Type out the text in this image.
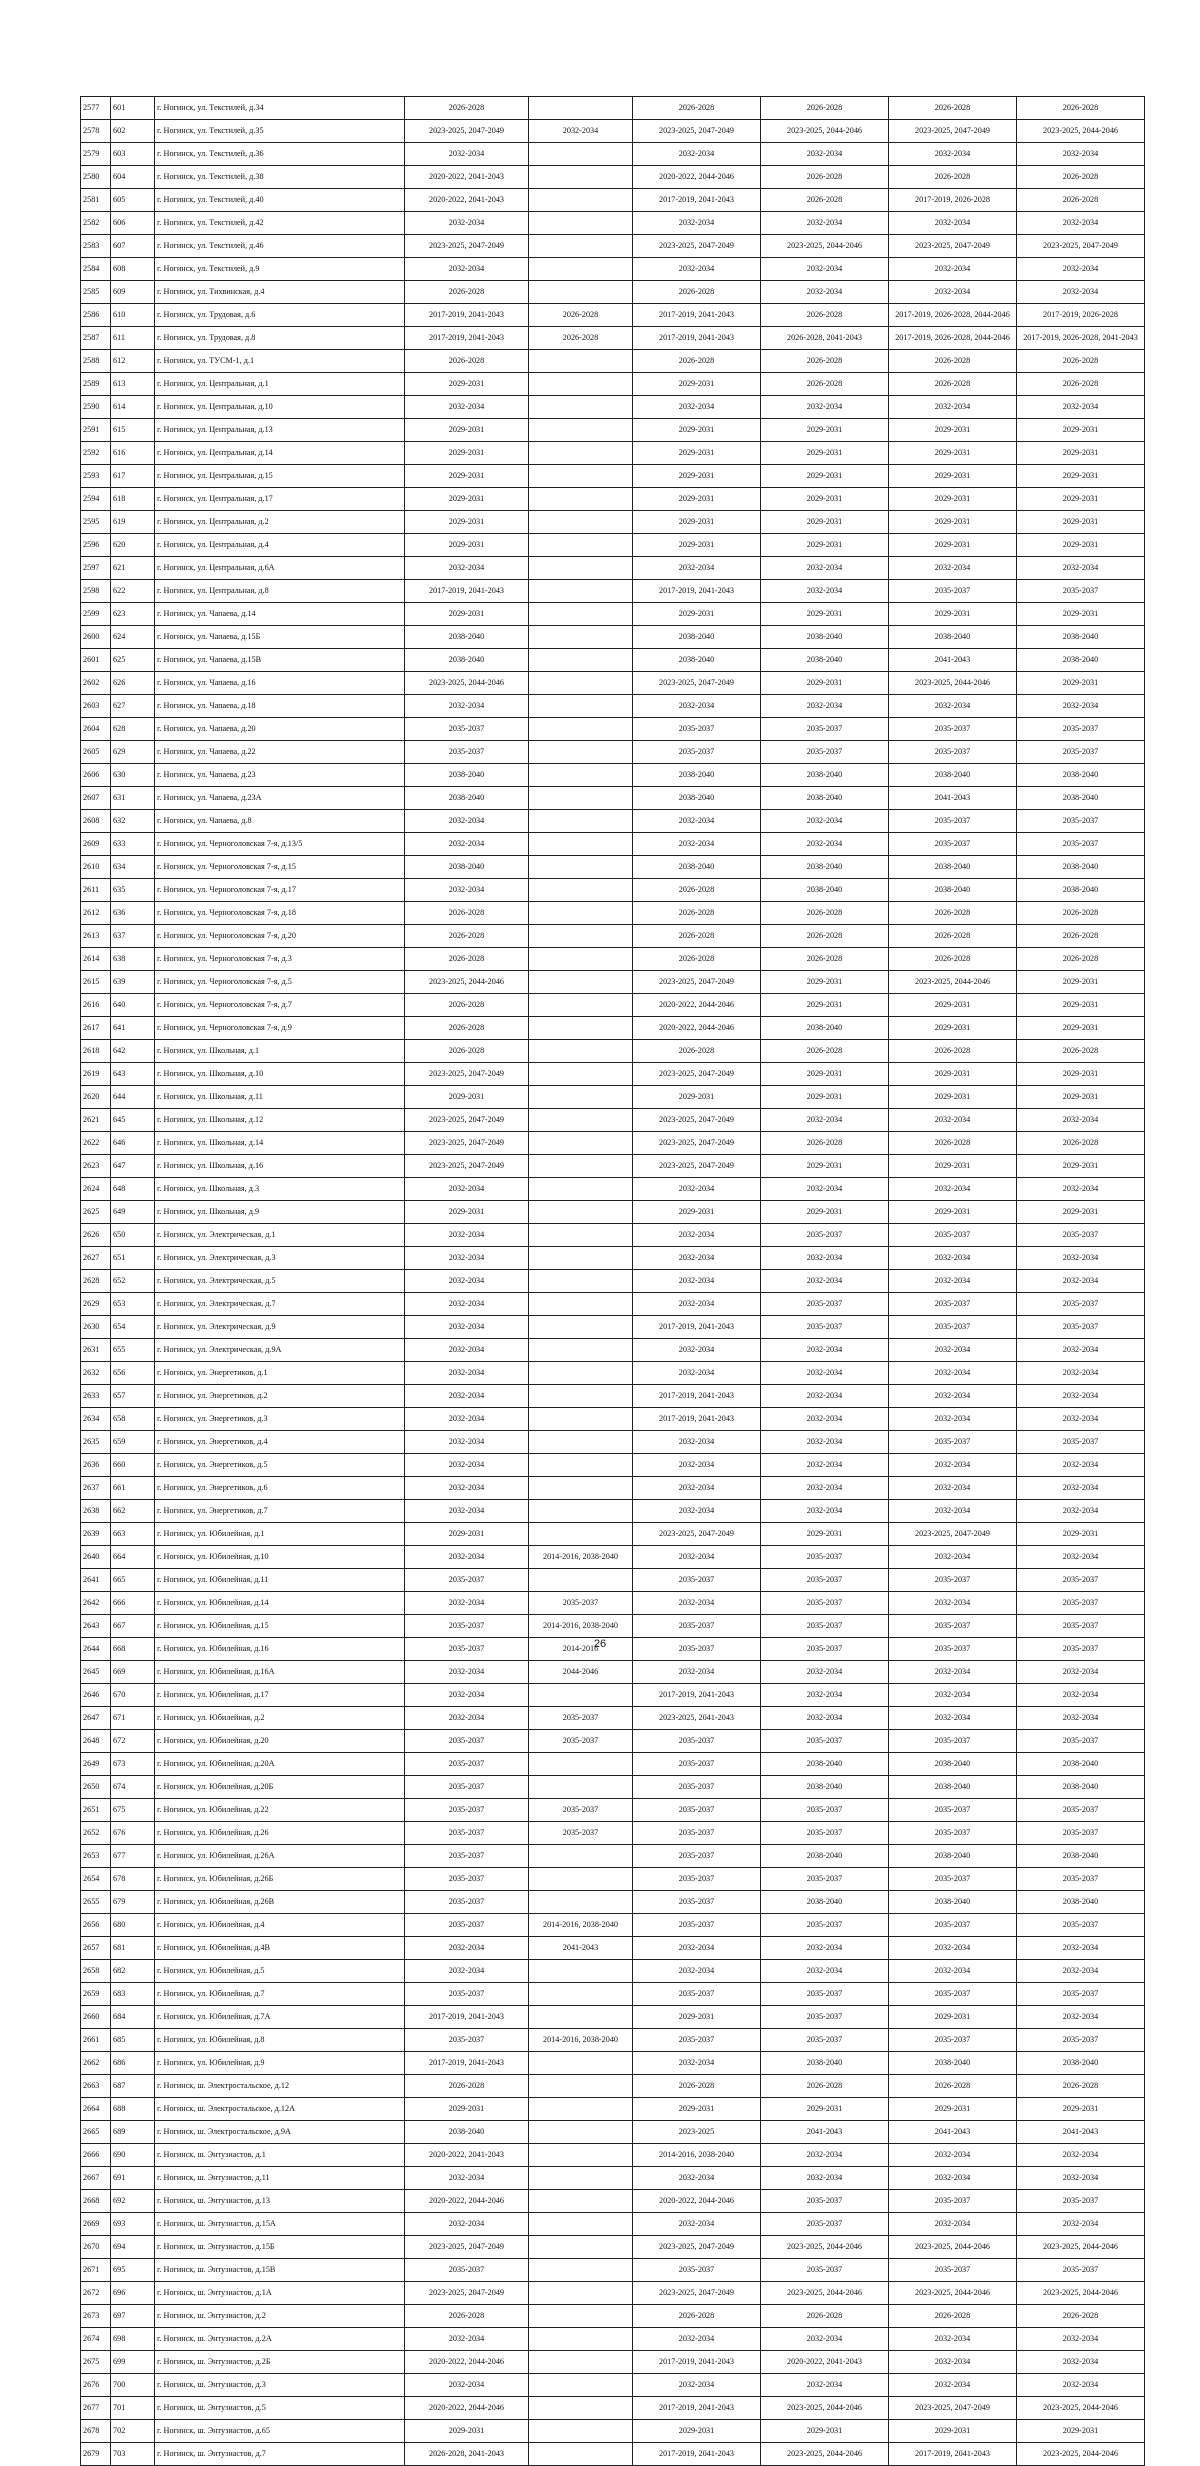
2577	601	г. Ногинск, ул. Текстилей, д.34	2026-2028		2026-2028	2026-2028	2026-2028	2026-2028
2578	602	г. Ногинск, ул. Текстилей, д.35	2023-2025, 2047-2049	2032-2034	2023-2025, 2047-2049	2023-2025, 2044-2046	2023-2025, 2047-2049	2023-2025, 2044-2046
2579	603	г. Ногинск, ул. Текстилей, д.36	2032-2034		2032-2034	2032-2034	2032-2034	2032-2034
2580	604	г. Ногинск, ул. Текстилей, д.38	2020-2022, 2041-2043		2020-2022, 2044-2046	2026-2028	2026-2028	2026-2028
2581	605	г. Ногинск, ул. Текстилей, д.40	2020-2022, 2041-2043		2017-2019, 2041-2043	2026-2028	2017-2019, 2026-2028	2026-2028
2582	606	г. Ногинск, ул. Текстилей, д.42	2032-2034		2032-2034	2032-2034	2032-2034	2032-2034
2583	607	г. Ногинск, ул. Текстилей, д.46	2023-2025, 2047-2049		2023-2025, 2047-2049	2023-2025, 2044-2046	2023-2025, 2047-2049	2023-2025, 2047-2049
2584	608	г. Ногинск, ул. Текстилей, д.9	2032-2034		2032-2034	2032-2034	2032-2034	2032-2034
2585	609	г. Ногинск, ул. Тихвинская, д.4	2026-2028		2026-2028	2032-2034	2032-2034	2032-2034
2586	610	г. Ногинск, ул. Трудовая, д.6	2017-2019, 2041-2043	2026-2028	2017-2019, 2041-2043	2026-2028	2017-2019, 2026-2028, 2044-2046	2017-2019, 2026-2028
2587	611	г. Ногинск, ул. Трудовая, д.8	2017-2019, 2041-2043	2026-2028	2017-2019, 2041-2043	2026-2028, 2041-2043	2017-2019, 2026-2028, 2044-2046	2017-2019, 2026-2028, 2041-2043
2588	612	г. Ногинск, ул. ТУСМ-1, д.1	2026-2028		2026-2028	2026-2028	2026-2028	2026-2028
2589	613	г. Ногинск, ул. Центральная, д.1	2029-2031		2029-2031	2026-2028	2026-2028	2026-2028
2590	614	г. Ногинск, ул. Центральная, д.10	2032-2034		2032-2034	2032-2034	2032-2034	2032-2034
2591	615	г. Ногинск, ул. Центральная, д.13	2029-2031		2029-2031	2029-2031	2029-2031	2029-2031
2592	616	г. Ногинск, ул. Центральная, д.14	2029-2031		2029-2031	2029-2031	2029-2031	2029-2031
2593	617	г. Ногинск, ул. Центральная, д.15	2029-2031		2029-2031	2029-2031	2029-2031	2029-2031
2594	618	г. Ногинск, ул. Центральная, д.17	2029-2031		2029-2031	2029-2031	2029-2031	2029-2031
2595	619	г. Ногинск, ул. Центральная, д.2	2029-2031		2029-2031	2029-2031	2029-2031	2029-2031
2596	620	г. Ногинск, ул. Центральная, д.4	2029-2031		2029-2031	2029-2031	2029-2031	2029-2031
2597	621	г. Ногинск, ул. Центральная, д.6А	2032-2034		2032-2034	2032-2034	2032-2034	2032-2034
2598	622	г. Ногинск, ул. Центральная, д.8	2017-2019, 2041-2043		2017-2019, 2041-2043	2032-2034	2035-2037	2035-2037
2599	623	г. Ногинск, ул. Чапаева, д.14	2029-2031		2029-2031	2029-2031	2029-2031	2029-2031
2600	624	г. Ногинск, ул. Чапаева, д.15Б	2038-2040		2038-2040	2038-2040	2038-2040	2038-2040
2601	625	г. Ногинск, ул. Чапаева, д.15В	2038-2040		2038-2040	2038-2040	2041-2043	2038-2040
2602	626	г. Ногинск, ул. Чапаева, д.16	2023-2025, 2044-2046		2023-2025, 2047-2049	2029-2031	2023-2025, 2044-2046	2029-2031
2603	627	г. Ногинск, ул. Чапаева, д.18	2032-2034		2032-2034	2032-2034	2032-2034	2032-2034
2604	628	г. Ногинск, ул. Чапаева, д.20	2035-2037		2035-2037	2035-2037	2035-2037	2035-2037
2605	629	г. Ногинск, ул. Чапаева, д.22	2035-2037		2035-2037	2035-2037	2035-2037	2035-2037
2606	630	г. Ногинск, ул. Чапаева, д.23	2038-2040		2038-2040	2038-2040	2038-2040	2038-2040
2607	631	г. Ногинск, ул. Чапаева, д.23А	2038-2040		2038-2040	2038-2040	2041-2043	2038-2040
2608	632	г. Ногинск, ул. Чапаева, д.8	2032-2034		2032-2034	2032-2034	2035-2037	2035-2037
2609	633	г. Ногинск, ул. Черноголовская 7-я, д.13/5	2032-2034		2032-2034	2032-2034	2035-2037	2035-2037
2610	634	г. Ногинск, ул. Черноголовская 7-я, д.15	2038-2040		2038-2040	2038-2040	2038-2040	2038-2040
2611	635	г. Ногинск, ул. Черноголовская 7-я, д.17	2032-2034		2026-2028	2038-2040	2038-2040	2038-2040
2612	636	г. Ногинск, ул. Черноголовская 7-я, д.18	2026-2028		2026-2028	2026-2028	2026-2028	2026-2028
2613	637	г. Ногинск, ул. Черноголовская 7-я, д.20	2026-2028		2026-2028	2026-2028	2026-2028	2026-2028
2614	638	г. Ногинск, ул. Черноголовская 7-я, д.3	2026-2028		2026-2028	2026-2028	2026-2028	2026-2028
2615	639	г. Ногинск, ул. Черноголовская 7-я, д.5	2023-2025, 2044-2046		2023-2025, 2047-2049	2029-2031	2023-2025, 2044-2046	2029-2031
2616	640	г. Ногинск, ул. Черноголовская 7-я, д.7	2026-2028		2020-2022, 2044-2046	2029-2031	2029-2031	2029-2031
2617	641	г. Ногинск, ул. Черноголовская 7-я, д.9	2026-2028		2020-2022, 2044-2046	2038-2040	2029-2031	2029-2031
2618	642	г. Ногинск, ул. Школьная, д.1	2026-2028		2026-2028	2026-2028	2026-2028	2026-2028
2619	643	г. Ногинск, ул. Школьная, д.10	2023-2025, 2047-2049		2023-2025, 2047-2049	2029-2031	2029-2031	2029-2031
2620	644	г. Ногинск, ул. Школьная, д.11	2029-2031		2029-2031	2029-2031	2029-2031	2029-2031
2621	645	г. Ногинск, ул. Школьная, д.12	2023-2025, 2047-2049		2023-2025, 2047-2049	2032-2034	2032-2034	2032-2034
2622	646	г. Ногинск, ул. Школьная, д.14	2023-2025, 2047-2049		2023-2025, 2047-2049	2026-2028	2026-2028	2026-2028
2623	647	г. Ногинск, ул. Школьная, д.16	2023-2025, 2047-2049		2023-2025, 2047-2049	2029-2031	2029-2031	2029-2031
2624	648	г. Ногинск, ул. Школьная, д.3	2032-2034		2032-2034	2032-2034	2032-2034	2032-2034
2625	649	г. Ногинск, ул. Школьная, д.9	2029-2031		2029-2031	2029-2031	2029-2031	2029-2031
2626	650	г. Ногинск, ул. Электрическая, д.1	2032-2034		2032-2034	2035-2037	2035-2037	2035-2037
2627	651	г. Ногинск, ул. Электрическая, д.3	2032-2034		2032-2034	2032-2034	2032-2034	2032-2034
2628	652	г. Ногинск, ул. Электрическая, д.5	2032-2034		2032-2034	2032-2034	2032-2034	2032-2034
2629	653	г. Ногинск, ул. Электрическая, д.7	2032-2034		2032-2034	2035-2037	2035-2037	2035-2037
2630	654	г. Ногинск, ул. Электрическая, д.9	2032-2034		2017-2019, 2041-2043	2035-2037	2035-2037	2035-2037
2631	655	г. Ногинск, ул. Электрическая, д.9А	2032-2034		2032-2034	2032-2034	2032-2034	2032-2034
2632	656	г. Ногинск, ул. Энергетиков, д.1	2032-2034		2032-2034	2032-2034	2032-2034	2032-2034
2633	657	г. Ногинск, ул. Энергетиков, д.2	2032-2034		2017-2019, 2041-2043	2032-2034	2032-2034	2032-2034
2634	658	г. Ногинск, ул. Энергетиков, д.3	2032-2034		2017-2019, 2041-2043	2032-2034	2032-2034	2032-2034
2635	659	г. Ногинск, ул. Энергетиков, д.4	2032-2034		2032-2034	2032-2034	2035-2037	2035-2037
2636	660	г. Ногинск, ул. Энергетиков, д.5	2032-2034		2032-2034	2032-2034	2032-2034	2032-2034
2637	661	г. Ногинск, ул. Энергетиков, д.6	2032-2034		2032-2034	2032-2034	2032-2034	2032-2034
2638	662	г. Ногинск, ул. Энергетиков, д.7	2032-2034		2032-2034	2032-2034	2032-2034	2032-2034
2639	663	г. Ногинск, ул. Юбилейная, д.1	2029-2031		2023-2025, 2047-2049	2029-2031	2023-2025, 2047-2049	2029-2031
2640	664	г. Ногинск, ул. Юбилейная, д.10	2032-2034	2014-2016, 2038-2040	2032-2034	2035-2037	2032-2034	2032-2034
2641	665	г. Ногинск, ул. Юбилейная, д.11	2035-2037		2035-2037	2035-2037	2035-2037	2035-2037
2642	666	г. Ногинск, ул. Юбилейная, д.14	2032-2034	2035-2037	2032-2034	2035-2037	2032-2034	2035-2037
2643	667	г. Ногинск, ул. Юбилейная, д.15	2035-2037	2014-2016, 2038-2040	2035-2037	2035-2037	2035-2037	2035-2037
2644	668	г. Ногинск, ул. Юбилейная, д.16	2035-2037	2014-2016	2035-2037	2035-2037	2035-2037	2035-2037
2645	669	г. Ногинск, ул. Юбилейная, д.16А	2032-2034	2044-2046	2032-2034	2032-2034	2032-2034	2032-2034
2646	670	г. Ногинск, ул. Юбилейная, д.17	2032-2034		2017-2019, 2041-2043	2032-2034	2032-2034	2032-2034
2647	671	г. Ногинск, ул. Юбилейная, д.2	2032-2034	2035-2037	2023-2025, 2041-2043	2032-2034	2032-2034	2032-2034
2648	672	г. Ногинск, ул. Юбилейная, д.20	2035-2037	2035-2037	2035-2037	2035-2037	2035-2037	2035-2037
2649	673	г. Ногинск, ул. Юбилейная, д.20А	2035-2037		2035-2037	2038-2040	2038-2040	2038-2040
2650	674	г. Ногинск, ул. Юбилейная, д.20Б	2035-2037		2035-2037	2038-2040	2038-2040	2038-2040
2651	675	г. Ногинск, ул. Юбилейная, д.22	2035-2037	2035-2037	2035-2037	2035-2037	2035-2037	2035-2037
2652	676	г. Ногинск, ул. Юбилейная, д.26	2035-2037	2035-2037	2035-2037	2035-2037	2035-2037	2035-2037
2653	677	г. Ногинск, ул. Юбилейная, д.26А	2035-2037		2035-2037	2038-2040	2038-2040	2038-2040
2654	678	г. Ногинск, ул. Юбилейная, д.26Б	2035-2037		2035-2037	2035-2037	2035-2037	2035-2037
2655	679	г. Ногинск, ул. Юбилейная, д.26В	2035-2037		2035-2037	2038-2040	2038-2040	2038-2040
2656	680	г. Ногинск, ул. Юбилейная, д.4	2035-2037	2014-2016, 2038-2040	2035-2037	2035-2037	2035-2037	2035-2037
2657	681	г. Ногинск, ул. Юбилейная, д.4В	2032-2034	2041-2043	2032-2034	2032-2034	2032-2034	2032-2034
2658	682	г. Ногинск, ул. Юбилейная, д.5	2032-2034		2032-2034	2032-2034	2032-2034	2032-2034
2659	683	г. Ногинск, ул. Юбилейная, д.7	2035-2037		2035-2037	2035-2037	2035-2037	2035-2037
2660	684	г. Ногинск, ул. Юбилейная, д.7А	2017-2019, 2041-2043		2029-2031	2035-2037	2029-2031	2032-2034
2661	685	г. Ногинск, ул. Юбилейная, д.8	2035-2037	2014-2016, 2038-2040	2035-2037	2035-2037	2035-2037	2035-2037
2662	686	г. Ногинск, ул. Юбилейная, д.9	2017-2019, 2041-2043		2032-2034	2038-2040	2038-2040	2038-2040
2663	687	г. Ногинск, ш. Электростальское, д.12	2026-2028		2026-2028	2026-2028	2026-2028	2026-2028
2664	688	г. Ногинск, ш. Электростальское, д.12А	2029-2031		2029-2031	2029-2031	2029-2031	2029-2031
2665	689	г. Ногинск, ш. Электростальское, д.9А	2038-2040		2023-2025	2041-2043	2041-2043	2041-2043
2666	690	г. Ногинск, ш. Энтузиастов, д.1	2020-2022, 2041-2043		2014-2016, 2038-2040	2032-2034	2032-2034	2032-2034
2667	691	г. Ногинск, ш. Энтузиастов, д.11	2032-2034		2032-2034	2032-2034	2032-2034	2032-2034
2668	692	г. Ногинск, ш. Энтузиастов, д.13	2020-2022, 2044-2046		2020-2022, 2044-2046	2035-2037	2035-2037	2035-2037
2669	693	г. Ногинск, ш. Энтузиастов, д.15А	2032-2034		2032-2034	2035-2037	2032-2034	2032-2034
2670	694	г. Ногинск, ш. Энтузиастов, д.15Б	2023-2025, 2047-2049		2023-2025, 2047-2049	2023-2025, 2044-2046	2023-2025, 2044-2046	2023-2025, 2044-2046
2671	695	г. Ногинск, ш. Энтузиастов, д.15В	2035-2037		2035-2037	2035-2037	2035-2037	2035-2037
2672	696	г. Ногинск, ш. Энтузиастов, д.1А	2023-2025, 2047-2049		2023-2025, 2047-2049	2023-2025, 2044-2046	2023-2025, 2044-2046	2023-2025, 2044-2046
2673	697	г. Ногинск, ш. Энтузиастов, д.2	2026-2028		2026-2028	2026-2028	2026-2028	2026-2028
2674	698	г. Ногинск, ш. Энтузиастов, д.2А	2032-2034		2032-2034	2032-2034	2032-2034	2032-2034
2675	699	г. Ногинск, ш. Энтузиастов, д.2Б	2020-2022, 2044-2046		2017-2019, 2041-2043	2020-2022, 2041-2043	2032-2034	2032-2034
2676	700	г. Ногинск, ш. Энтузиастов, д.3	2032-2034		2032-2034	2032-2034	2032-2034	2032-2034
2677	701	г. Ногинск, ш. Энтузиастов, д.5	2020-2022, 2044-2046		2017-2019, 2041-2043	2023-2025, 2044-2046	2023-2025, 2047-2049	2023-2025, 2044-2046
2678	702	г. Ногинск, ш. Энтузиастов, д.65	2029-2031		2029-2031	2029-2031	2029-2031	2029-2031
2679	703	г. Ногинск, ш. Энтузиастов, д.7	2026-2028, 2041-2043		2017-2019, 2041-2043	2023-2025, 2044-2046	2017-2019, 2041-2043	2023-2025, 2044-2046
26
